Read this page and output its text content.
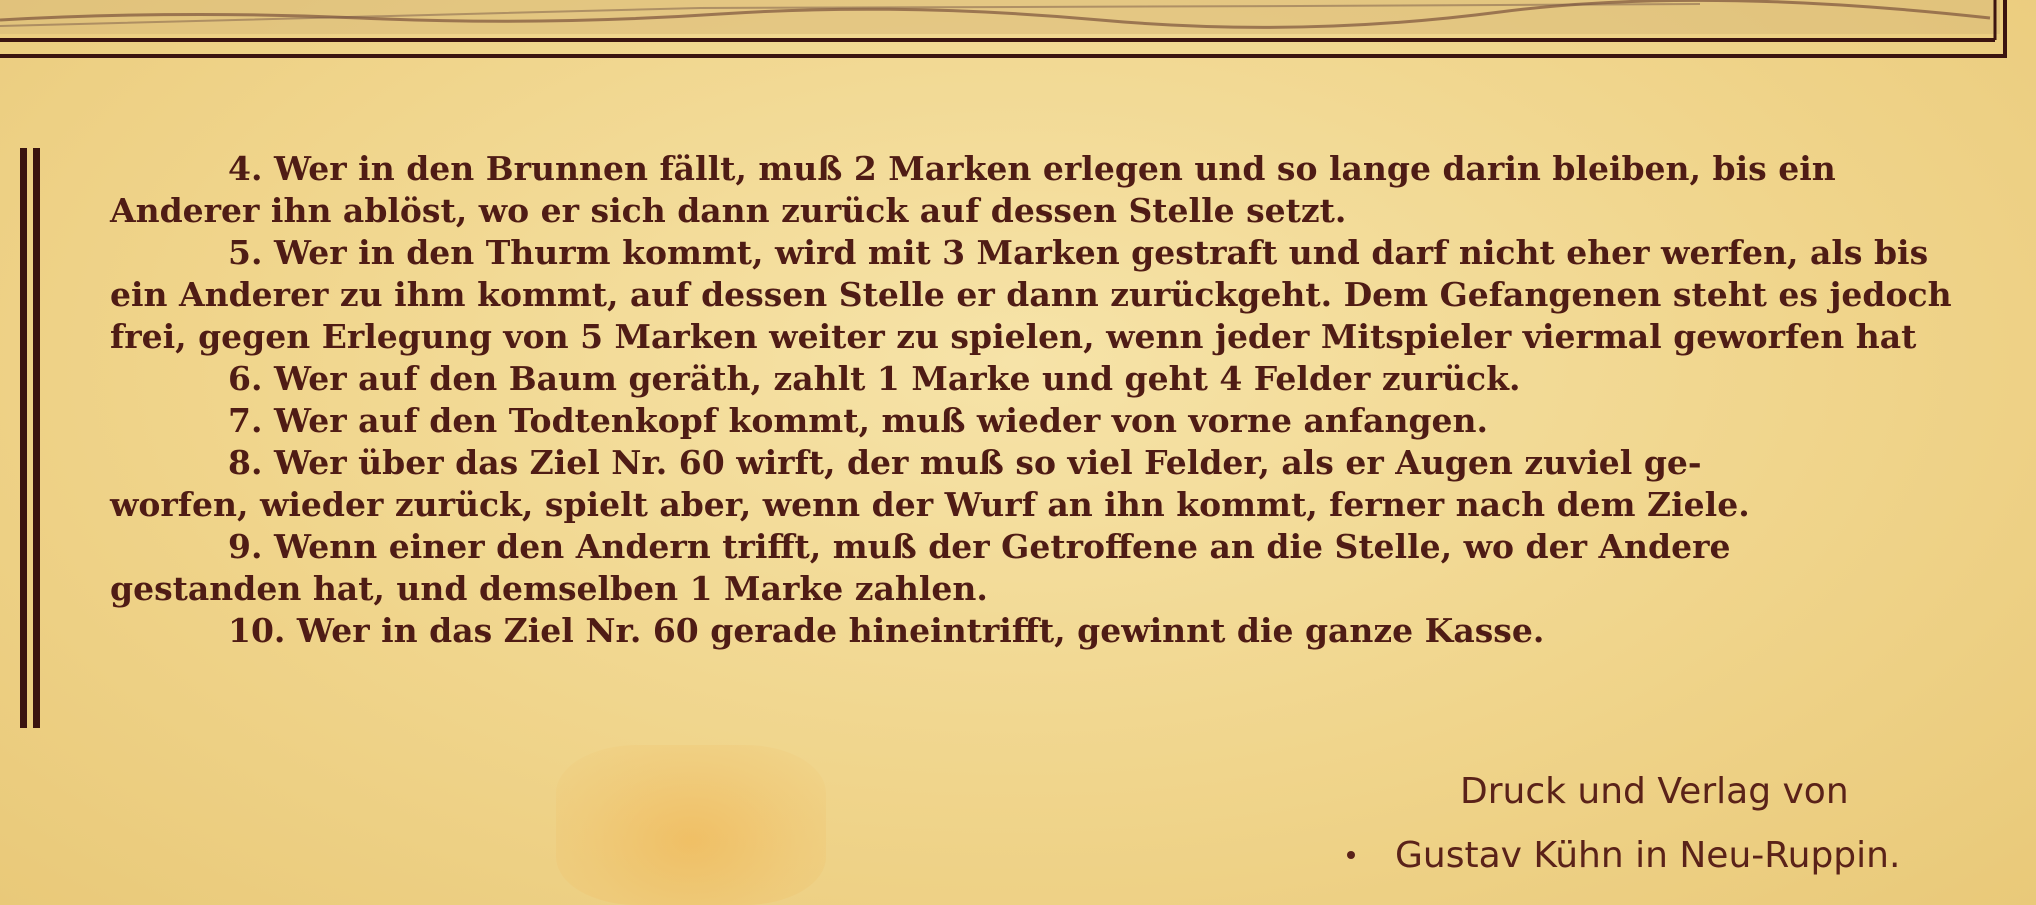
4. Wer in den Brunnen fällt, muß 2 Marken erlegen und so lange darin bleiben, bis ein
Anderer ihn ablöst, wo er sich dann zurück auf dessen Stelle setzt.
5. Wer in den Thurm kommt, wird mit 3 Marken gestraft und darf nicht eher werfen, als bis
ein Anderer zu ihm kommt, auf dessen Stelle er dann zurückgeht. Dem Gefangenen steht es jedoch
frei, gegen Erlegung von 5 Marken weiter zu spielen, wenn jeder Mitspieler viermal geworfen hat
6. Wer auf den Baum geräth, zahlt 1 Marke und geht 4 Felder zurück.
7. Wer auf den Todtenkopf kommt, muß wieder von vorne anfangen.
8. Wer über das Ziel Nr. 60 wirft, der muß so viel Felder, als er Augen zuviel ge-
worfen, wieder zurück, spielt aber, wenn der Wurf an ihn kommt, ferner nach dem Ziele.
9. Wenn einer den Andern trifft, muß der Getroffene an die Stelle, wo der Andere
gestanden hat, und demselben 1 Marke zahlen.
10. Wer in das Ziel Nr. 60 gerade hineintrifft, gewinnt die ganze Kasse.
Druck und Verlag von
Gustav Kühn in Neu-Ruppin.
